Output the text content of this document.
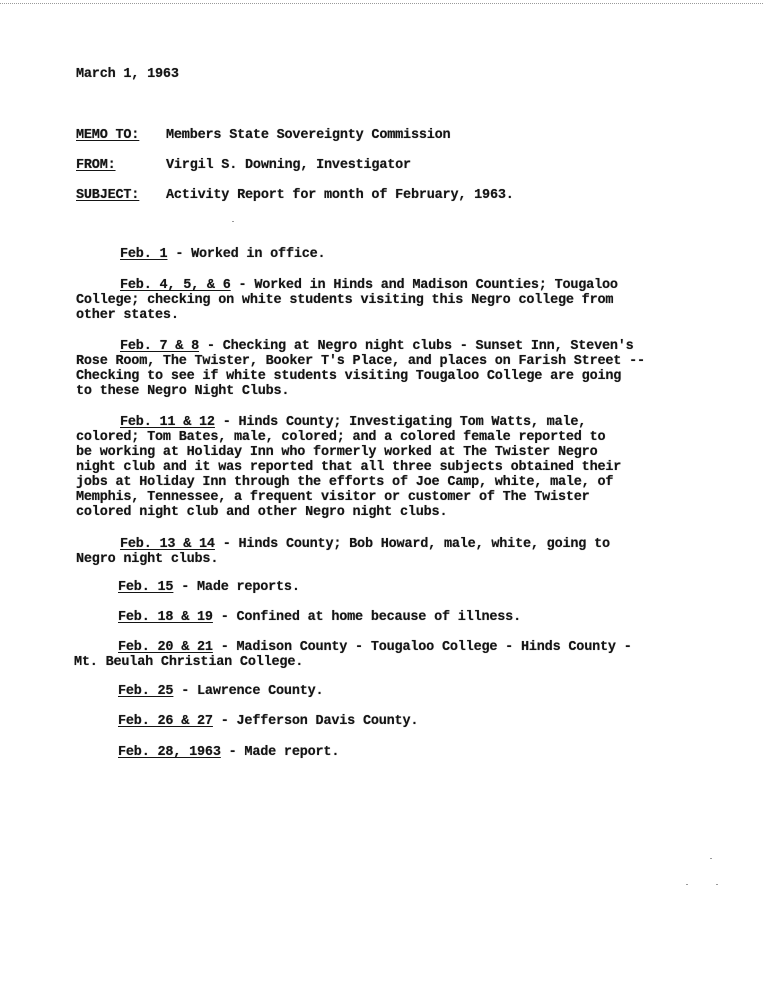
March 1, 1963
MEMO TO: Members State Sovereignty Commission
FROM:	Virgil S. Downing, Investigator
SUBJECT: Activity Report for month of February, 1963.
Feb. 1 - Worked in office.
Feb. 4, 5, & 6 - Worked in Hinds and Madison Counties; Tougaloo
College; checking on white students visiting this Negro college from
other states.
Feb. 7 & 8 - Checking at Negro night clubs - Sunset Inn, Steven's
Rose Room, The Twister, Booker T's Place, and places on Farish Street --
Checking to see if white students visiting Tougaloo College are going
to these Negro Night Clubs.
Feb. 11 & 12 - Hinds County; Investigating Tom Watts, male,
colored; Tom Bates, male, colored; and a colored female reported to
be working at Holiday Inn who formerly worked at The Twister Negro
night club and it was reported that all three subjects obtained their
jobs at Holiday Inn through the efforts of Joe Camp, white, male, of
Memphis, Tennessee, a frequent visitor or customer of The Twister
colored night club and other Negro night clubs.
Feb. 13 & 14 - Hinds County; Bob Howard, male, white, going to
Negro night clubs.
Feb. 15 - Made reports.
Feb. 18 & 19 - Confined at home because of illness.
Feb. 20 & 21 - Madison County - Tougaloo College - Hinds County -
Mt. Beulah Christian College.
Feb. 25 - Lawrence County.
Feb. 26 & 27 - Jefferson Davis County.
Feb. 28, 1963 - Made report.
